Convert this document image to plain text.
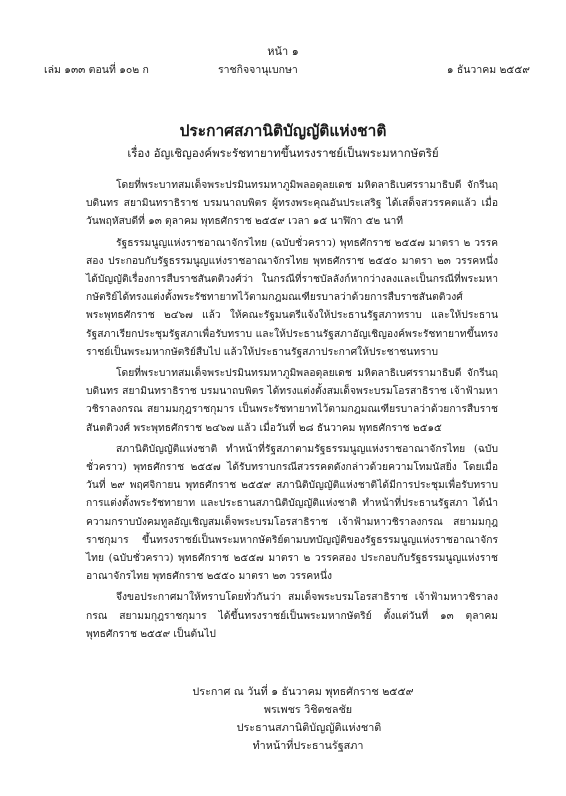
หน้า ๑
เล่ม ๑๓๓ ตอนที่ ๑๐๒ ก	ราชกิจจานุเบกษา	๑ ธันวาคม ๒๕๕๙
ประกาศสภานิติบัญญัติแห่งชาติ
เรื่อง อัญเชิญองค์พระรัชทายาทขึ้นทรงราชย์เป็นพระมหากษัตริย์

โดยที่พระบาทสมเด็จพระปรมินทรมหาภูมิพลอดุลยเดช มหิตลาธิเบศรรามาธิบดี จักรีนฤบดินทร สยามินทราธิราช บรมนาถบพิตร ผู้ทรงพระคุณอันประเสริฐ ได้เสด็จสวรรคตแล้ว เมื่อวันพฤหัสบดีที่ ๑๓ ตุลาคม พุทธศักราช ๒๕๕๙ เวลา ๑๕ นาฬิกา ๕๒ นาที

รัฐธรรมนูญแห่งราชอาณาจักรไทย (ฉบับชั่วคราว) พุทธศักราช ๒๕๕๗ มาตรา ๒ วรรคสอง ประกอบกับรัฐธรรมนูญแห่งราชอาณาจักรไทย พุทธศักราช ๒๕๕๐ มาตรา ๒๓ วรรคหนึ่ง ได้บัญญัติเรื่องการสืบราชสันตติวงศ์ว่า ในกรณีที่ราชบัลลังก์หากว่างลงและเป็นกรณีที่พระมหากษัตริย์ได้ทรงแต่งตั้งพระรัชทายาทไว้ตามกฎมณเฑียรบาลว่าด้วยการสืบราชสันตติวงศ์ พระพุทธศักราช ๒๔๖๗ แล้ว ให้คณะรัฐมนตรีแจ้งให้ประธานรัฐสภาทราบ และให้ประธานรัฐสภาเรียกประชุมรัฐสภาเพื่อรับทราบ และให้ประธานรัฐสภาอัญเชิญองค์พระรัชทายาทขึ้นทรงราชย์เป็นพระมหากษัตริย์สืบไป แล้วให้ประธานรัฐสภาประกาศให้ประชาชนทราบ

โดยที่พระบาทสมเด็จพระปรมินทรมหาภูมิพลอดุลยเดช มหิตลาธิเบศรรามาธิบดี จักรีนฤบดินทร สยามินทราธิราช บรมนาถบพิตร ได้ทรงแต่งตั้งสมเด็จพระบรมโอรสาธิราช เจ้าฟ้ามหาวชิราลงกรณ สยามมกุฎราชกุมาร เป็นพระรัชทายาทไว้ตามกฎมณเฑียรบาลว่าด้วยการสืบราชสันตติวงศ์ พระพุทธศักราช ๒๔๖๗ แล้ว เมื่อวันที่ ๒๘ ธันวาคม พุทธศักราช ๒๕๑๕

สภานิติบัญญัติแห่งชาติ ทำหน้าที่รัฐสภาตามรัฐธรรมนูญแห่งราชอาณาจักรไทย (ฉบับชั่วคราว) พุทธศักราช ๒๕๕๗ ได้รับทราบกรณีสวรรคตดังกล่าวด้วยความโทมนัสยิ่ง โดยเมื่อวันที่ ๒๙ พฤศจิกายน พุทธศักราช ๒๕๕๙ สภานิติบัญญัติแห่งชาติได้มีการประชุมเพื่อรับทราบการแต่งตั้งพระรัชทายาท และประธานสภานิติบัญญัติแห่งชาติ ทำหน้าที่ประธานรัฐสภา ได้นำความกราบบังคมทูลอัญเชิญสมเด็จพระบรมโอรสาธิราช เจ้าฟ้ามหาวชิราลงกรณ สยามมกุฎราชกุมาร ขึ้นทรงราชย์เป็นพระมหากษัตริย์ตามบทบัญญัติของรัฐธรรมนูญแห่งราชอาณาจักรไทย (ฉบับชั่วคราว) พุทธศักราช ๒๕๕๗ มาตรา ๒ วรรคสอง ประกอบกับรัฐธรรมนูญแห่งราชอาณาจักรไทย พุทธศักราช ๒๕๕๐ มาตรา ๒๓ วรรคหนึ่ง

จึงขอประกาศมาให้ทราบโดยทั่วกันว่า สมเด็จพระบรมโอรสาธิราช เจ้าฟ้ามหาวชิราลงกรณ สยามมกุฎราชกุมาร ได้ขึ้นทรงราชย์เป็นพระมหากษัตริย์ ตั้งแต่วันที่ ๑๓ ตุลาคม พุทธศักราช ๒๕๕๙ เป็นต้นไป

ประกาศ ณ วันที่ ๑ ธันวาคม พุทธศักราช ๒๕๕๙
พรเพชร วิชิตชลชัย
ประธานสภานิติบัญญัติแห่งชาติ
ทำหน้าที่ประธานรัฐสภา
